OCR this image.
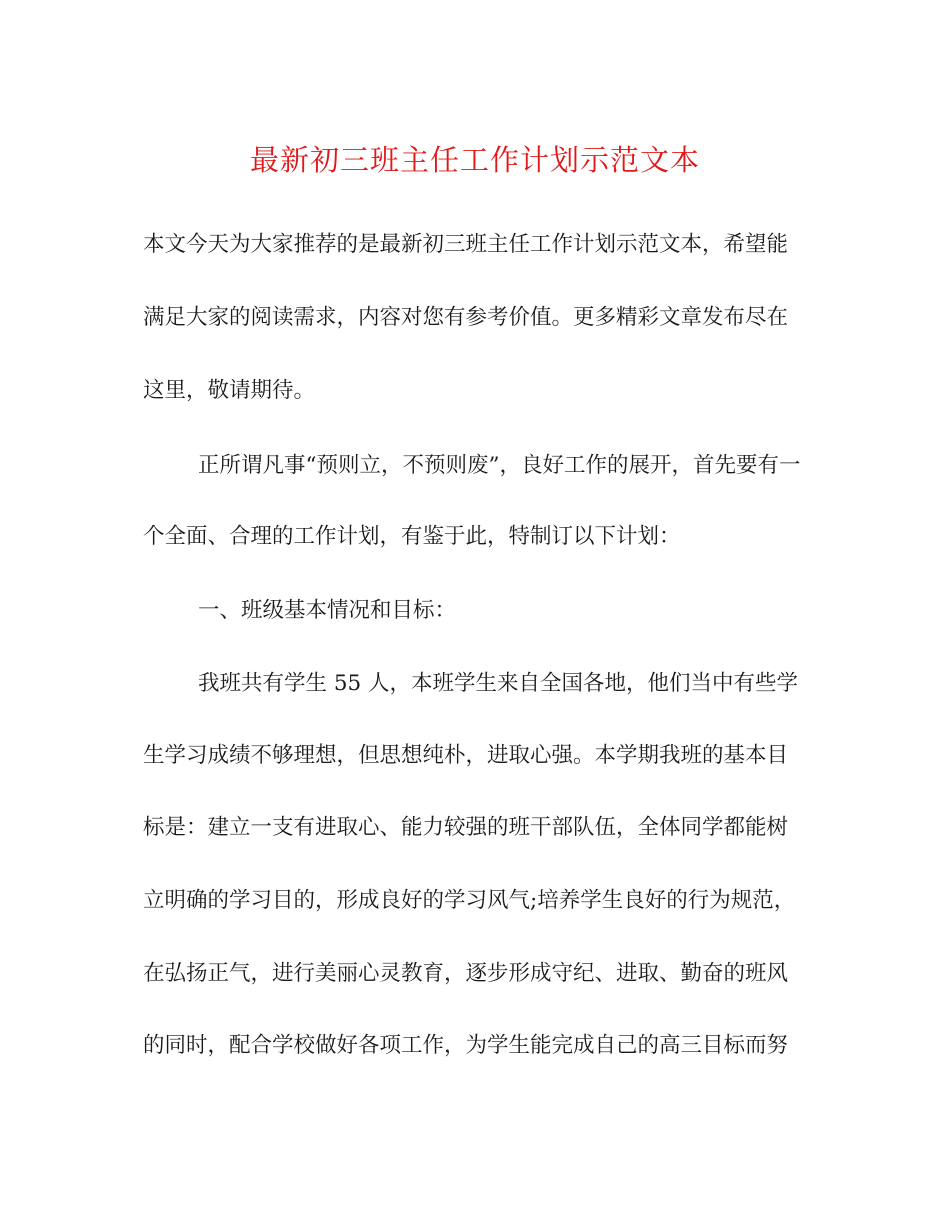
最新初三班主任工作计划示范文本

本文今天为大家推荐的是最新初三班主任工作计划示范文本，希望能

满足大家的阅读需求，内容对您有参考价值。更多精彩文章发布尽在

这里，敬请期待。

正所谓凡事“预则立，不预则废”，良好工作的展开，首先要有一

个全面、合理的工作计划，有鉴于此，特制订以下计划：

一、班级基本情况和目标：

我班共有学生 55 人，本班学生来自全国各地，他们当中有些学

生学习成绩不够理想，但思想纯朴，进取心强。本学期我班的基本目

标是：建立一支有进取心、能力较强的班干部队伍，全体同学都能树

立明确的学习目的，形成良好的学习风气;培养学生良好的行为规范，

在弘扬正气，进行美丽心灵教育，逐步形成守纪、进取、勤奋的班风

的同时，配合学校做好各项工作，为学生能完成自己的高三目标而努
